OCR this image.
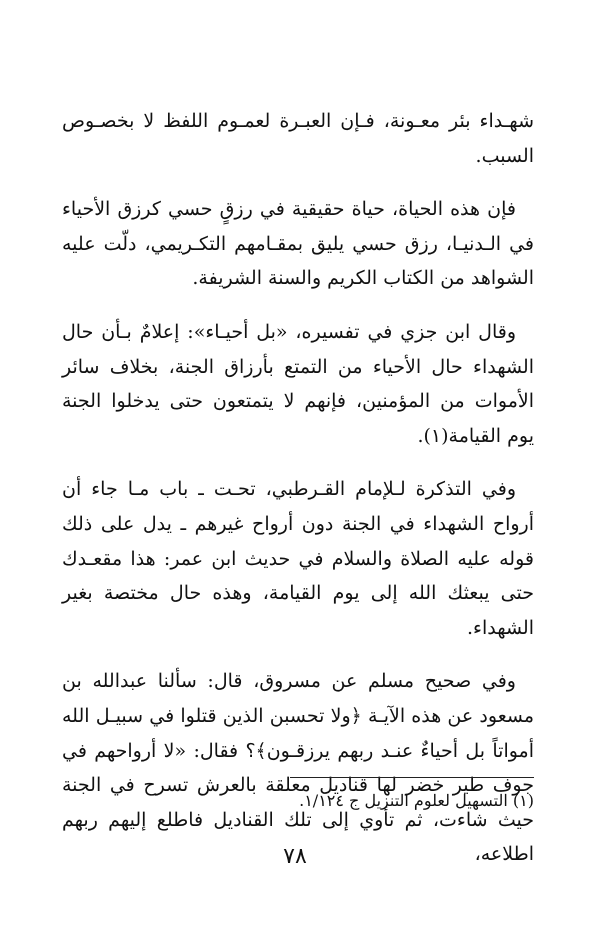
شهـداء بئر معـونة، فـإن العبـرة لعمـوم اللفظ لا بخصـوص السبب.

فإن هذه الحياة، حياة حقيقية في رزقٍ حسي كرزق الأحياء في الـدنيـا، رزق حسي يليق بمقـامهم التكـريمي، دلّت عليه الشواهد من الكتاب الكريم والسنة الشريفة.

وقال ابن جزي في تفسيره، «بل أحيـاء»: إعلامٌ بـأن حال الشهداء حال الأحياء من التمتع بأرزاق الجنة، بخلاف سائر الأموات من المؤمنين، فإنهم لا يتمتعون حتى يدخلوا الجنة يوم القيامة(١).

وفي التذكرة لـلإمام القـرطبي، تحـت ـ باب مـا جاء أن أرواح الشهداء في الجنة دون أرواح غيرهم ـ يدل على ذلك قوله عليه الصلاة والسلام في حديث ابن عمر: هذا مقعـدك حتى يبعثك الله إلى يوم القيامة، وهذه حال مختصة بغير الشهداء.

وفي صحيح مسلم عن مسروق، قال: سألنا عبدالله بن مسعود عن هذه الآيـة ﴿ولا تحسبن الذين قتلوا في سبيـل الله أمواتاً بل أحياءٌ عنـد ربهم يرزقـون﴾؟ فقال: «لا أرواحهم في جوف طير خضر لها قناديل معلقة بالعرش تسرح في الجنة حيث شاءت، ثم تأوي إلى تلك القناديل فاطلع إليهم ربهم اطلاعه،

(١) التسهيل لعلوم التنزيل ج ١/١٢٤.
٧٨
